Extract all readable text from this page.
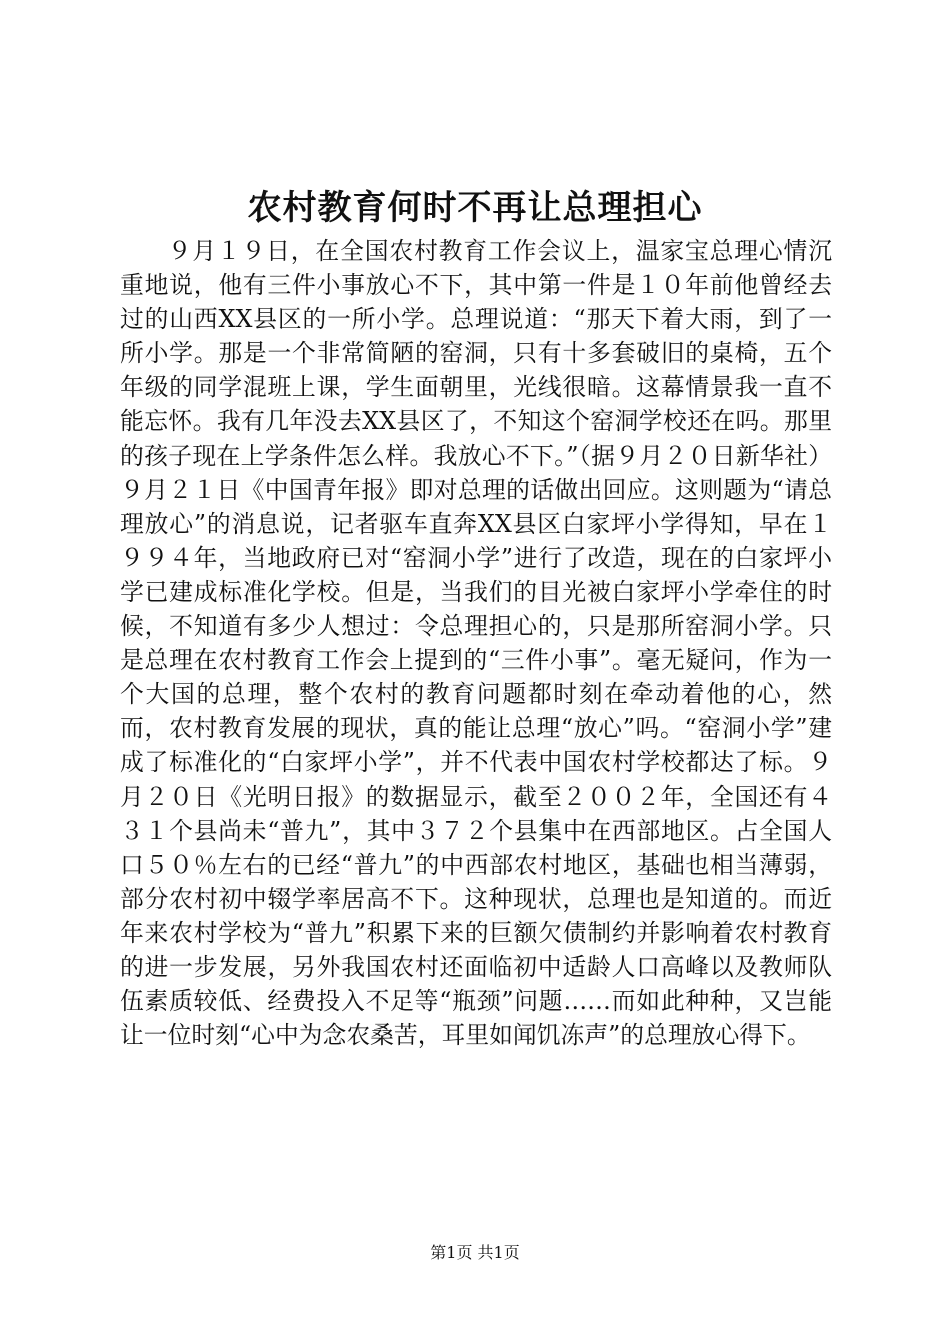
农村教育何时不再让总理担心

９月１９日，在全国农村教育工作会议上，温家宝总理心情沉重地说，他有三件小事放心不下，其中第一件是１０年前他曾经去过的山西XX县区的一所小学。总理说道：“那天下着大雨，到了一所小学。那是一个非常简陋的窑洞，只有十多套破旧的桌椅，五个年级的同学混班上课，学生面朝里，光线很暗。这幕情景我一直不能忘怀。我有几年没去XX县区了，不知这个窑洞学校还在吗。那里的孩子现在上学条件怎么样。我放心不下。”（据９月２０日新华社）９月２１日《中国青年报》即对总理的话做出回应。这则题为“请总理放心”的消息说，记者驱车直奔XX县区白家坪小学得知，早在１９９４年，当地政府已对“窑洞小学”进行了改造，现在的白家坪小学已建成标准化学校。但是，当我们的目光被白家坪小学牵住的时候，不知道有多少人想过：令总理担心的，只是那所窑洞小学。只是总理在农村教育工作会上提到的“三件小事”。毫无疑问，作为一个大国的总理，整个农村的教育问题都时刻在牵动着他的心，然而，农村教育发展的现状，真的能让总理“放心”吗。“窑洞小学”建成了标准化的“白家坪小学”，并不代表中国农村学校都达了标。９月２０日《光明日报》的数据显示，截至２００２年，全国还有４３１个县尚未“普九”，其中３７２个县集中在西部地区。占全国人口５０％左右的已经“普九”的中西部农村地区，基础也相当薄弱，部分农村初中辍学率居高不下。这种现状，总理也是知道的。而近年来农村学校为“普九”积累下来的巨额欠债制约并影响着农村教育的进一步发展，另外我国农村还面临初中适龄人口高峰以及教师队伍素质较低、经费投入不足等“瓶颈”问题……而如此种种，又岂能让一位时刻“心中为念农桑苦，耳里如闻饥冻声”的总理放心得下。

第1页 共1页
